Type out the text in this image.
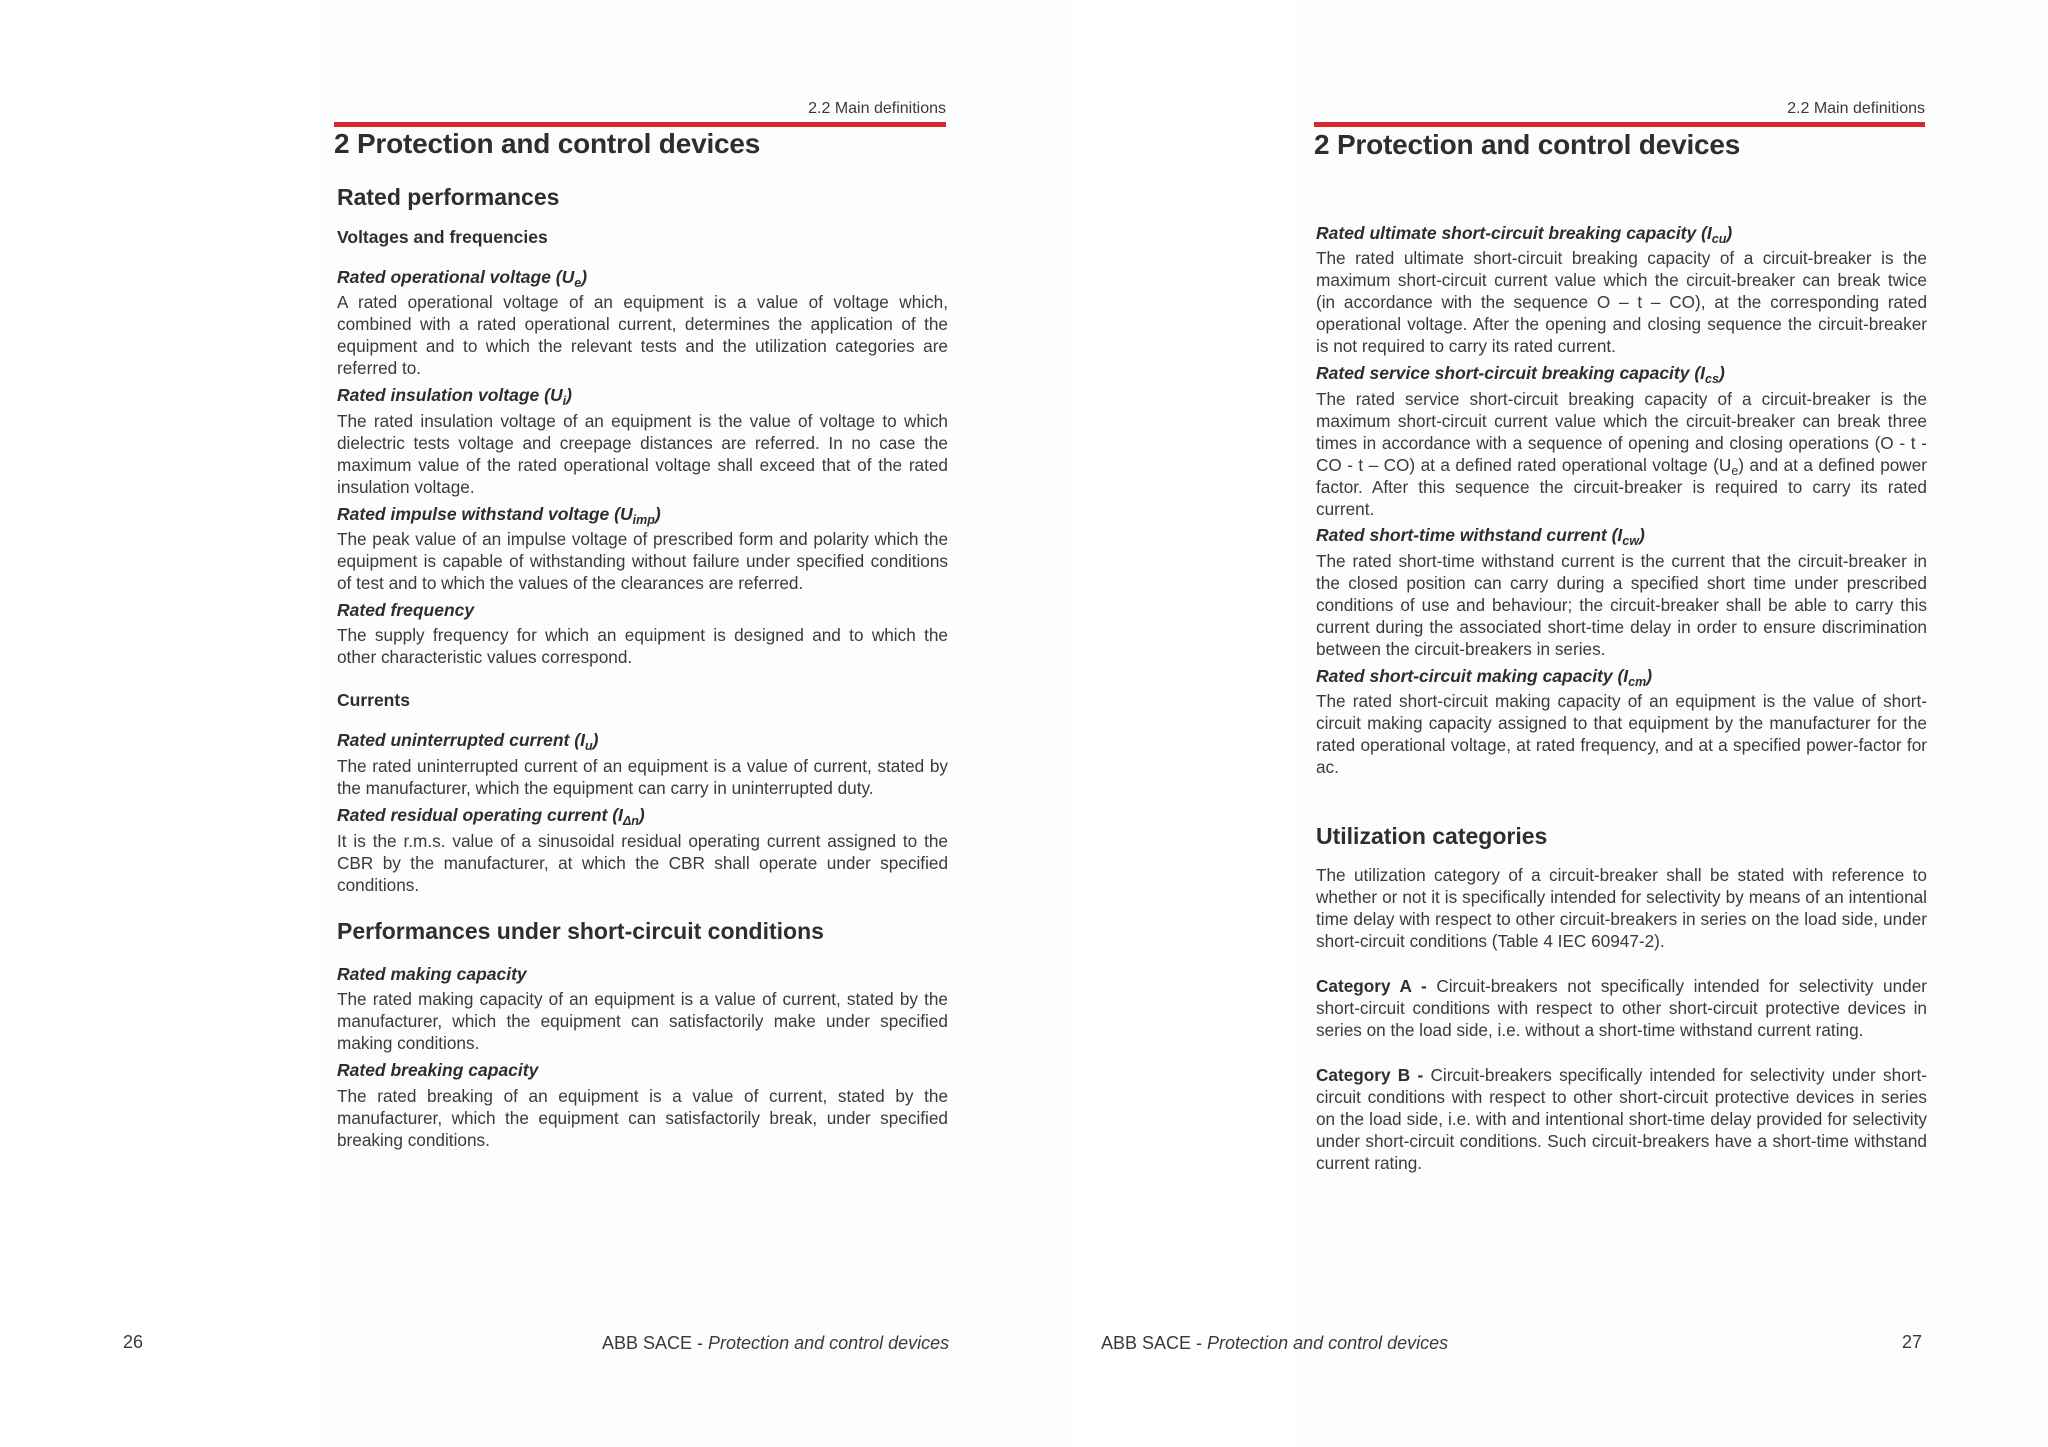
2.2 Main definitions
2 Protection and control devices
Rated performances
Voltages and frequencies
Rated operational voltage $(U_e)$

A rated operational voltage of an equipment is a value of voltage which, combined with a rated operational current, determines the application of the equipment and to which the relevant tests and the utilization categories are referred to.

Rated insulation voltage $(U_i)$

The rated insulation voltage of an equipment is the value of voltage to which dielectric tests voltage and creepage distances are referred. In no case the maximum value of the rated operational voltage shall exceed that of the rated insulation voltage.

Rated impulse withstand voltage $(U_{imp})$

The peak value of an impulse voltage of prescribed form and polarity which the equipment is capable of withstanding without failure under specified conditions of test and to which the values of the clearances are referred.

Rated frequency

The supply frequency for which an equipment is designed and to which the other characteristic values correspond.

Currents
Rated uninterrupted current $(I_u)$

The rated uninterrupted current of an equipment is a value of current, stated by the manufacturer, which the equipment can carry in uninterrupted duty.

Rated residual operating current $(I_{\Delta n})$

It is the r.m.s. value of a sinusoidal residual operating current assigned to the CBR by the manufacturer, at which the CBR shall operate under specified conditions.

Performances under short-circuit conditions
Rated making capacity

The rated making capacity of an equipment is a value of current, stated by the manufacturer, which the equipment can satisfactorily make under specified making conditions.

Rated breaking capacity

The rated breaking of an equipment is a value of current, stated by the manufacturer, which the equipment can satisfactorily break, under specified breaking conditions.

26	ABB SACE - Protection and control devices
2.2 Main definitions
2 Protection and control devices
Rated ultimate short-circuit breaking capacity $(I_{cu})$

The rated ultimate short-circuit breaking capacity of a circuit-breaker is the maximum short-circuit current value which the circuit-breaker can break twice (in accordance with the sequence O – t – CO), at the corresponding rated operational voltage. After the opening and closing sequence the circuit-breaker is not required to carry its rated current.

Rated service short-circuit breaking capacity $(I_{cs})$

The rated service short-circuit breaking capacity of a circuit-breaker is the maximum short-circuit current value which the circuit-breaker can break three times in accordance with a sequence of opening and closing operations (O - t - CO - t – CO) at a defined rated operational voltage $(U_e)$ and at a defined power factor. After this sequence the circuit-breaker is required to carry its rated current.

Rated short-time withstand current $(I_{cw})$

The rated short-time withstand current is the current that the circuit-breaker in the closed position can carry during a specified short time under prescribed conditions of use and behaviour; the circuit-breaker shall be able to carry this current during the associated short-time delay in order to ensure discrimination between the circuit-breakers in series.

Rated short-circuit making capacity $(I_{cm})$

The rated short-circuit making capacity of an equipment is the value of short-circuit making capacity assigned to that equipment by the manufacturer for the rated operational voltage, at rated frequency, and at a specified power-factor for ac.

Utilization categories

The utilization category of a circuit-breaker shall be stated with reference to whether or not it is specifically intended for selectivity by means of an intentional time delay with respect to other circuit-breakers in series on the load side, under short-circuit conditions (Table 4 IEC 60947-2).

Category A - Circuit-breakers not specifically intended for selectivity under short-circuit conditions with respect to other short-circuit protective devices in series on the load side, i.e. without a short-time withstand current rating.

Category B - Circuit-breakers specifically intended for selectivity under short-circuit conditions with respect to other short-circuit protective devices in series on the load side, i.e. with and intentional short-time delay provided for selectivity under short-circuit conditions. Such circuit-breakers have a short-time withstand current rating.

ABB SACE - Protection and control devices	27
